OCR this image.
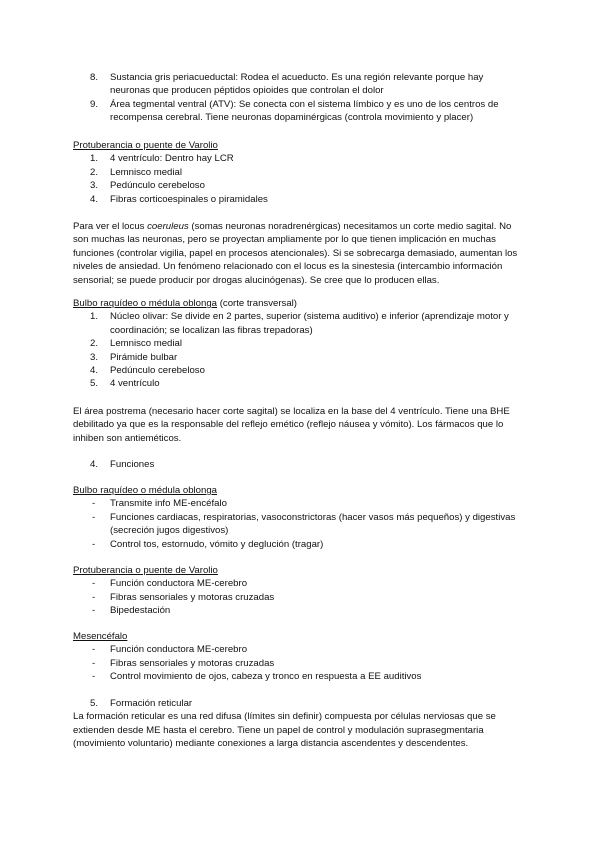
8. Sustancia gris periacueductal: Rodea el acueducto. Es una región relevante porque hay neuronas que producen péptidos opioides que controlan el dolor
9. Área tegmental ventral (ATV): Se conecta con el sistema límbico y es uno de los centros de recompensa cerebral. Tiene neuronas dopaminérgicas (controla movimiento y placer)
Protuberancia o puente de Varolio
1. 4 ventrículo: Dentro hay LCR
2. Lemnisco medial
3. Pedúnculo cerebeloso
4. Fibras corticoespinales o piramidales

Para ver el locus coeruleus (somas neuronas noradrenérgicas) necesitamos un corte medio sagital. No son muchas las neuronas, pero se proyectan ampliamente por lo que tienen implicación en muchas funciones (controlar vigilia, papel en procesos atencionales). Si se sobrecarga demasiado, aumentan los niveles de ansiedad. Un fenómeno relacionado con el locus es la sinestesia (intercambio información sensorial; se puede producir por drogas alucinógenas). Se cree que lo producen ellas.

Bulbo raquídeo o médula oblonga (corte transversal)
1. Núcleo olivar: Se divide en 2 partes, superior (sistema auditivo) e inferior (aprendizaje motor y coordinación; se localizan las fibras trepadoras)
2. Lemnisco medial
3. Pirámide bulbar
4. Pedúnculo cerebeloso
5. 4 ventrículo

El área postrema (necesario hacer corte sagital) se localiza en la base del 4 ventrículo. Tiene una BHE debilitado ya que es la responsable del reflejo emético (reflejo náusea y vómito). Los fármacos que lo inhiben son antieméticos.

4. Funciones
Bulbo raquídeo o médula oblonga
- Transmite info ME-encéfalo
- Funciones cardiacas, respiratorias, vasoconstrictoras (hacer vasos más pequeños) y digestivas (secreción jugos digestivos)
- Control tos, estornudo, vómito y deglución (tragar)
Protuberancia o puente de Varolio
- Función conductora ME-cerebro
- Fibras sensoriales y motoras cruzadas
- Bipedestación
Mesencéfalo
- Función conductora ME-cerebro
- Fibras sensoriales y motoras cruzadas
- Control movimiento de ojos, cabeza y tronco en respuesta a EE auditivos
5. Formación reticular

La formación reticular es una red difusa (límites sin definir) compuesta por células nerviosas que se extienden desde ME hasta el cerebro. Tiene un papel de control y modulación suprasegmentaria (movimiento voluntario) mediante conexiones a larga distancia ascendentes y descendentes.
